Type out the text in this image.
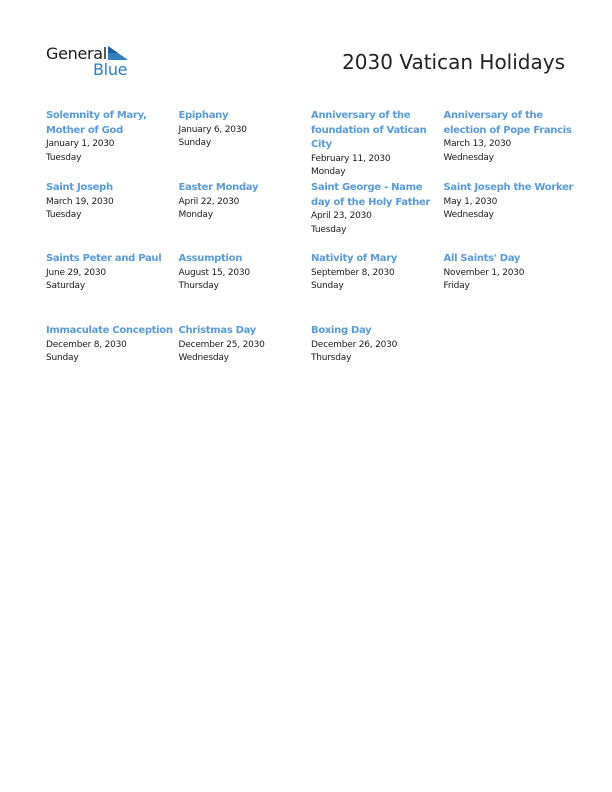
General
Blue	2030 Vatican Holidays
Solemnity of Mary, Mother of God
January 1, 2030
Tuesday
Epiphany
January 6, 2030
Sunday
Anniversary of the foundation of Vatican City
February 11, 2030
Monday
Anniversary of the election of Pope Francis
March 13, 2030
Wednesday
Saint Joseph
March 19, 2030
Tuesday
Easter Monday
April 22, 2030
Monday
Saint George - Name day of the Holy Father
April 23, 2030
Tuesday
Saint Joseph the Worker
May 1, 2030
Wednesday
Saints Peter and Paul
June 29, 2030
Saturday
Assumption
August 15, 2030
Thursday
Nativity of Mary
September 8, 2030
Sunday
All Saints' Day
November 1, 2030
Friday
Immaculate Conception
December 8, 2030
Sunday
Christmas Day
December 25, 2030
Wednesday
Boxing Day
December 26, 2030
Thursday
